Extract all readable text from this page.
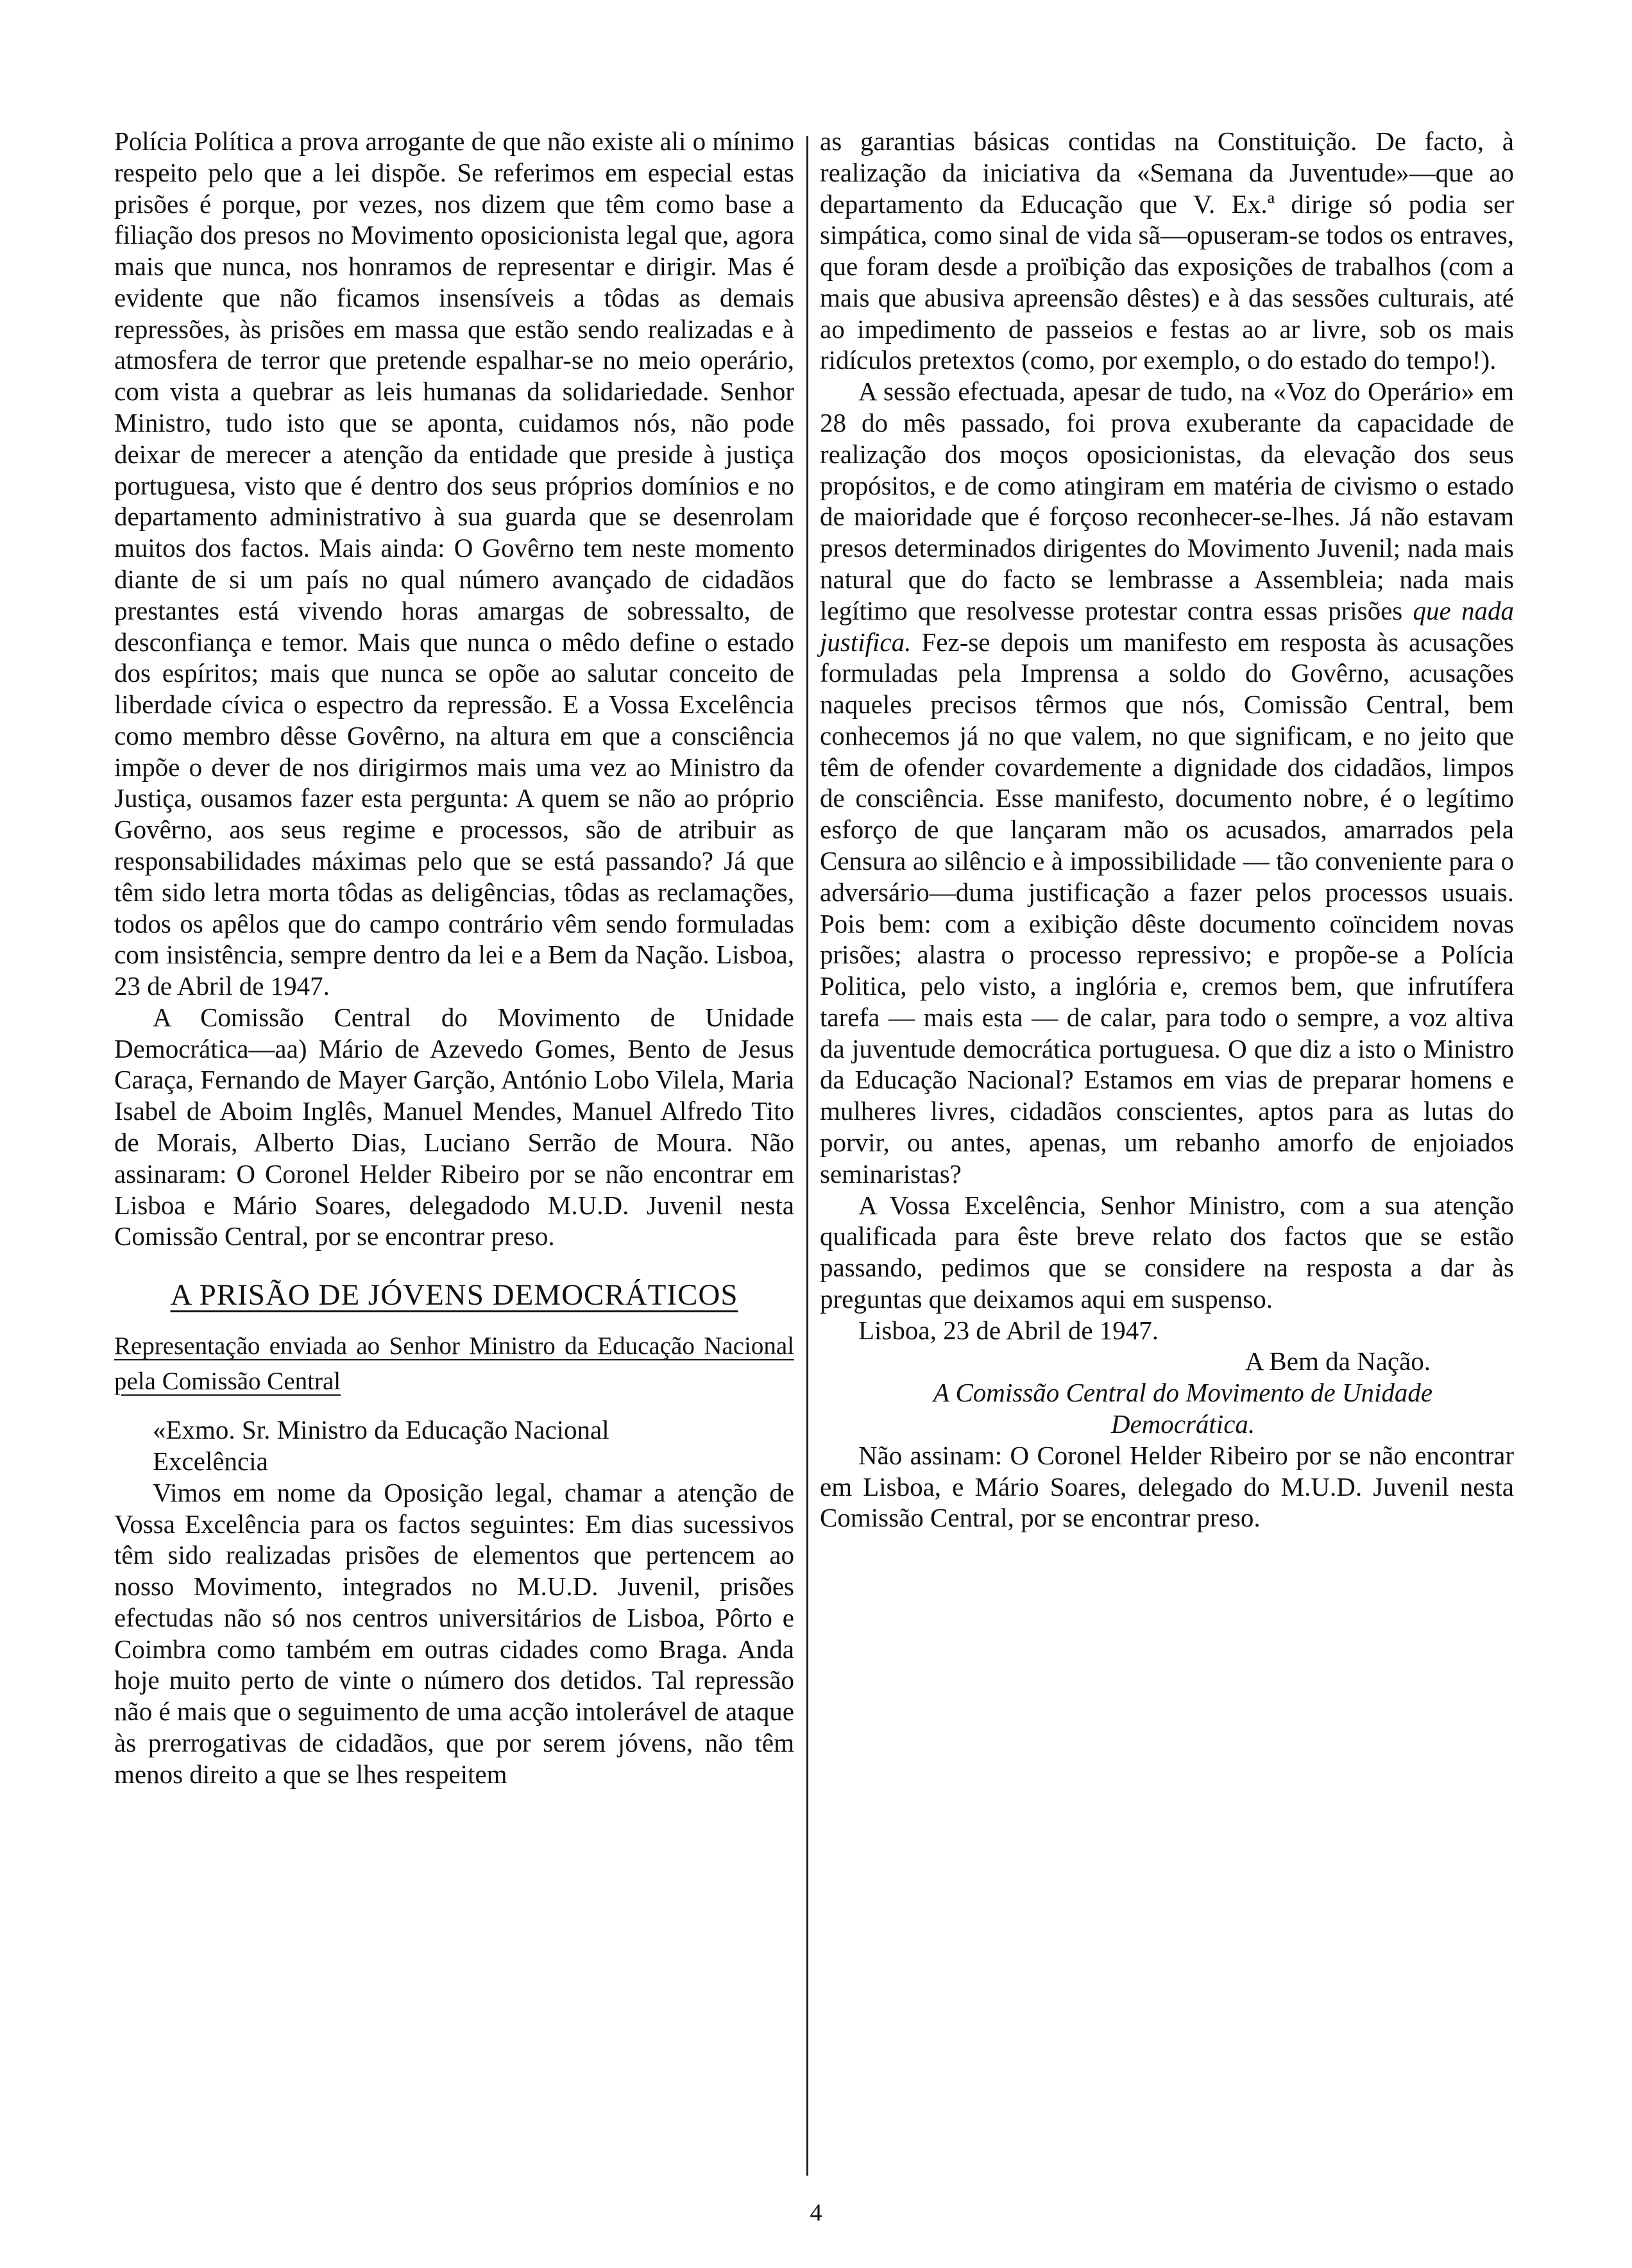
Polícia Política a prova arrogante de que não existe ali o mínimo respeito pelo que a lei dispõe. Se referimos em especial estas prisões é porque, por vezes, nos dizem que têm como base a filiação dos presos no Movimento oposicionista legal que, agora mais que nunca, nos honramos de representar e dirigir. Mas é evidente que não ficamos insensíveis a tôdas as demais repressões, às prisões em massa que estão sendo realizadas e à atmosfera de terror que pretende espalhar-se no meio operário, com vista a quebrar as leis humanas da solidariedade. Senhor Ministro, tudo isto que se aponta, cuidamos nós, não pode deixar de merecer a atenção da entidade que preside à justiça portuguesa, visto que é dentro dos seus próprios domínios e no departamento administrativo à sua guarda que se desenrolam muitos dos factos. Mais ainda: O Govêrno tem neste momento diante de si um país no qual número avançado de cidadãos prestantes está vivendo horas amargas de sobressalto, de desconfiança e temor. Mais que nunca o mêdo define o estado dos espíritos; mais que nunca se opõe ao salutar conceito de liberdade cívica o espectro da repressão. E a Vossa Excelência como membro dêsse Govêrno, na altura em que a consciência impõe o dever de nos dirigirmos mais uma vez ao Ministro da Justiça, ousamos fazer esta pergunta: A quem se não ao próprio Govêrno, aos seus regime e processos, são de atribuir as responsabilidades máximas pelo que se está passando? Já que têm sido letra morta tôdas as deligências, tôdas as reclamações, todos os apêlos que do campo contrário vêm sendo formuladas com insistência, sempre dentro da lei e a Bem da Nação. Lisboa, 23 de Abril de 1947.

A Comissão Central do Movimento de Unidade Democrática—aa) Mário de Azevedo Gomes, Bento de Jesus Caraça, Fernando de Mayer Garção, António Lobo Vilela, Maria Isabel de Aboim Inglês, Manuel Mendes, Manuel Alfredo Tito de Morais, Alberto Dias, Luciano Serrão de Moura. Não assinaram: O Coronel Helder Ribeiro por se não encontrar em Lisboa e Mário Soares, delegadodo M.U.D. Juvenil nesta Comissão Central, por se encontrar preso.

A PRISÃO DE JÓVENS DEMOCRÁTICOS
Representação enviada ao Senhor Ministro da Educação Nacional pela Comissão Central

«Exmo. Sr. Ministro da Educação Nacional

Excelência

Vimos em nome da Oposição legal, chamar a atenção de Vossa Excelência para os factos seguintes: Em dias sucessivos têm sido realizadas prisões de elementos que pertencem ao nosso Movimento, integrados no M.U.D. Juvenil, prisões efectudas não só nos centros universitários de Lisboa, Pôrto e Coimbra como também em outras cidades como Braga. Anda hoje muito perto de vinte o número dos detidos. Tal repressão não é mais que o seguimento de uma acção intolerável de ataque às prerrogativas de cidadãos, que por serem jóvens, não têm menos direito a que se lhes respeitem

as garantias básicas contidas na Constituição. De facto, à realização da iniciativa da «Semana da Juventude»—que ao departamento da Educação que V. Ex.ª dirige só podia ser simpática, como sinal de vida sã—opuseram-se todos os entraves, que foram desde a proïbição das exposições de trabalhos (com a mais que abusiva apreensão dêstes) e à das sessões culturais, até ao impedimento de passeios e festas ao ar livre, sob os mais ridículos pretextos (como, por exemplo, o do estado do tempo!).

A sessão efectuada, apesar de tudo, na «Voz do Operário» em 28 do mês passado, foi prova exuberante da capacidade de realização dos moços oposicionistas, da elevação dos seus propósitos, e de como atingiram em matéria de civismo o estado de maioridade que é forçoso reconhecer-se-lhes. Já não estavam presos determinados dirigentes do Movimento Juvenil; nada mais natural que do facto se lembrasse a Assembleia; nada mais legítimo que resolvesse protestar contra essas prisões que nada justifica. Fez-se depois um manifesto em resposta às acusações formuladas pela Imprensa a soldo do Govêrno, acusações naqueles precisos têrmos que nós, Comissão Central, bem conhecemos já no que valem, no que significam, e no jeito que têm de ofender covardemente a dignidade dos cidadãos, limpos de consciência. Esse manifesto, documento nobre, é o legítimo esforço de que lançaram mão os acusados, amarrados pela Censura ao silêncio e à impossibilidade — tão conveniente para o adversário—duma justificação a fazer pelos processos usuais. Pois bem: com a exibição dêste documento coïncidem novas prisões; alastra o processo repressivo; e propõe-se a Polícia Politica, pelo visto, a inglória e, cremos bem, que infrutífera tarefa — mais esta — de calar, para todo o sempre, a voz altiva da juventude democrática portuguesa. O que diz a isto o Ministro da Educação Nacional? Estamos em vias de preparar homens e mulheres livres, cidadãos conscientes, aptos para as lutas do porvir, ou antes, apenas, um rebanho amorfo de enjoiados seminaristas?

A Vossa Excelência, Senhor Ministro, com a sua atenção qualificada para êste breve relato dos factos que se estão passando, pedimos que se considere na resposta a dar às preguntas que deixamos aqui em suspenso.

Lisboa, 23 de Abril de 1947.

A Bem da Nação.

A Comissão Central do Movimento de Unidade Democrática.

Não assinam: O Coronel Helder Ribeiro por se não encontrar em Lisboa, e Mário Soares, delegado do M.U.D. Juvenil nesta Comissão Central, por se encontrar preso.

4
